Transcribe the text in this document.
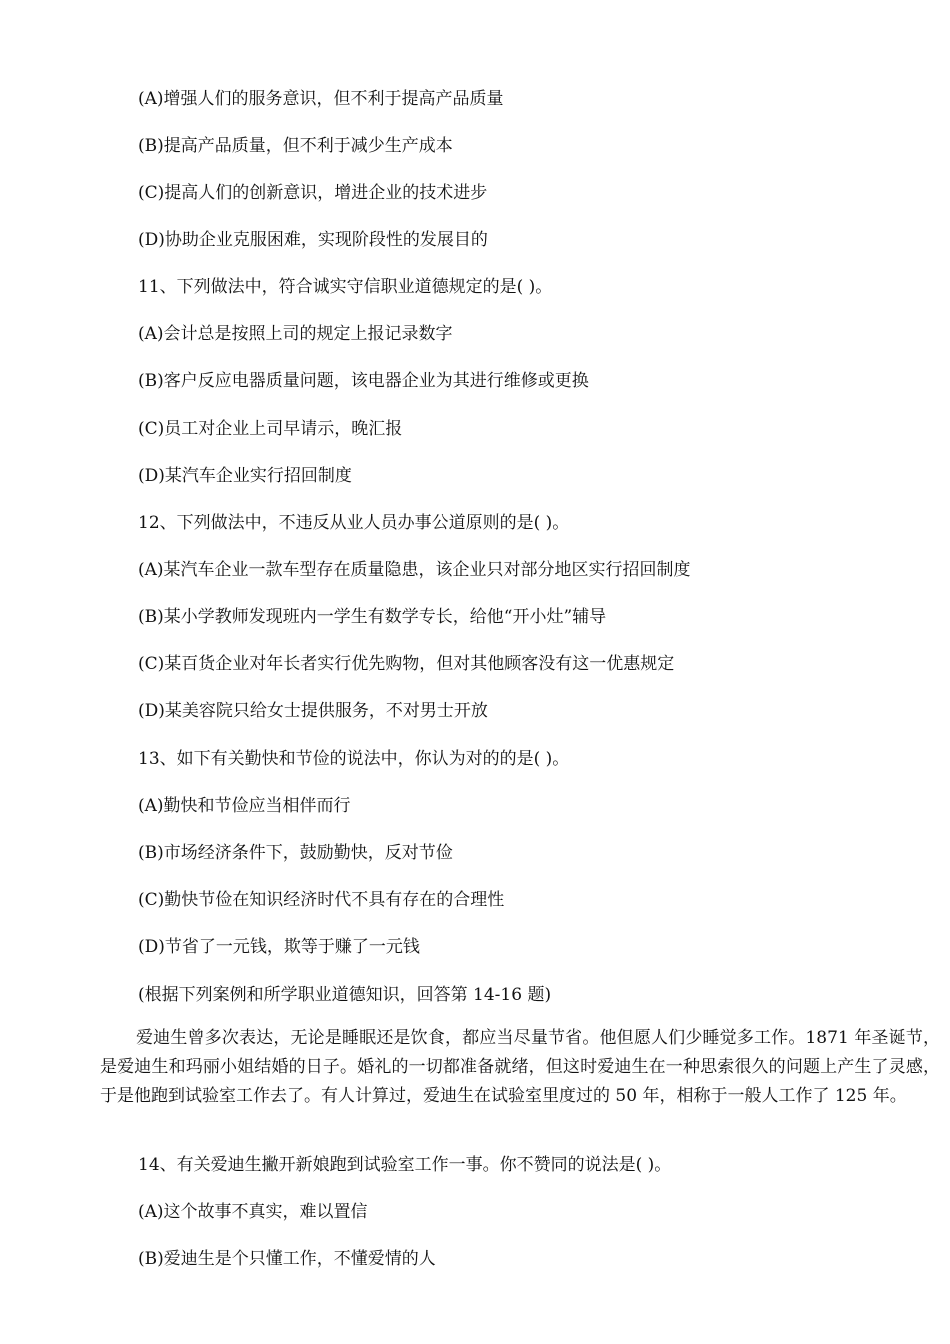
(A)增强人们的服务意识，但不利于提高产品质量
(B)提高产品质量，但不利于减少生产成本
(C)提高人们的创新意识，增进企业的技术进步
(D)协助企业克服困难，实现阶段性的发展目的
11、下列做法中，符合诚实守信职业道德规定的是( )。
(A)会计总是按照上司的规定上报记录数字
(B)客户反应电器质量问题，该电器企业为其进行维修或更换
(C)员工对企业上司早请示，晚汇报
(D)某汽车企业实行招回制度
12、下列做法中，不违反从业人员办事公道原则的是( )。
(A)某汽车企业一款车型存在质量隐患，该企业只对部分地区实行招回制度
(B)某小学教师发现班内一学生有数学专长，给他“开小灶”辅导
(C)某百货企业对年长者实行优先购物，但对其他顾客没有这一优惠规定
(D)某美容院只给女士提供服务，不对男士开放
13、如下有关勤快和节俭的说法中，你认为对的的是( )。
(A)勤快和节俭应当相伴而行
(B)市场经济条件下，鼓励勤快，反对节俭
(C)勤快节俭在知识经济时代不具有存在的合理性
(D)节省了一元钱，欺等于赚了一元钱
(根据下列案例和所学职业道德知识，回答第 14-16 题)
爱迪生曾多次表达，无论是睡眠还是饮食，都应当尽量节省。他但愿人们少睡觉多工作。1871 年圣诞节，是爱迪生和玛丽小姐结婚的日子。婚礼的一切都准备就绪，但这时爱迪生在一种思索很久的问题上产生了灵感，于是他跑到试验室工作去了。有人计算过，爱迪生在试验室里度过的 50 年，相称于一般人工作了 125 年。
14、有关爱迪生撇开新娘跑到试验室工作一事。你不赞同的说法是( )。
(A)这个故事不真实，难以置信
(B)爱迪生是个只懂工作，不懂爱情的人
